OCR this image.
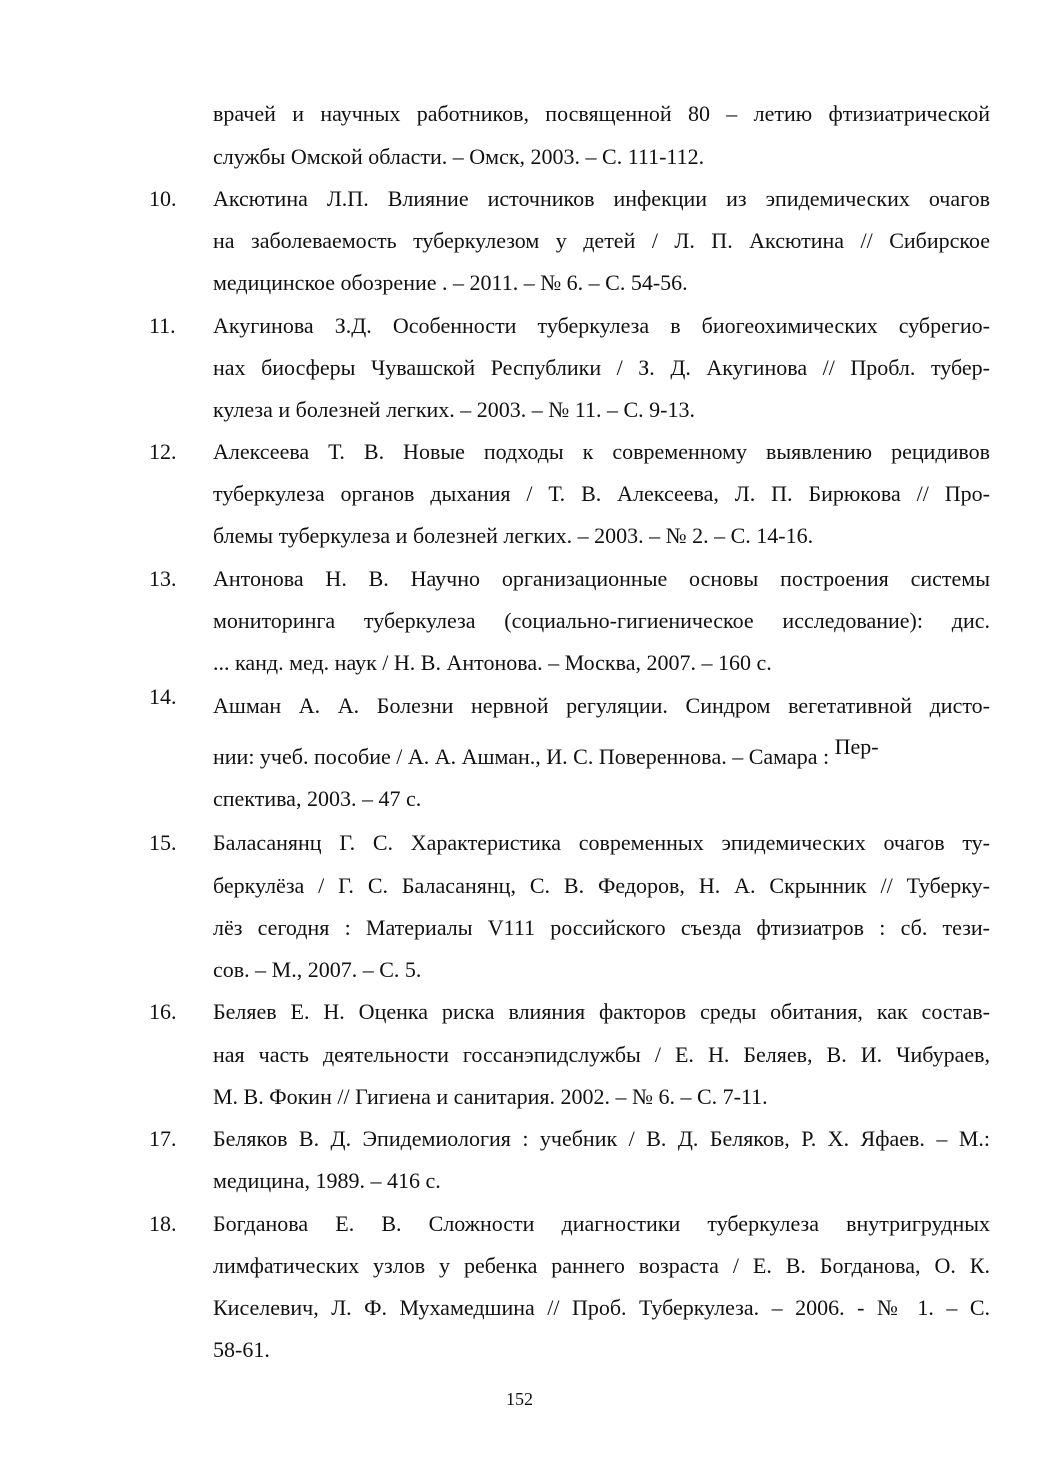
врачей и научных работников, посвященной 80 – летию фтизиатрической
службы Омской области. – Омск, 2003. – С. 111-112.
10. Аксютина Л.П. Влияние источников инфекции из эпидемических очагов
на заболеваемость туберкулезом у детей / Л. П. Аксютина // Сибирское
медицинское обозрение . – 2011. – № 6. – С. 54-56.
11. Акугинова З.Д. Особенности туберкулеза в биогеохимических субрегио-
нах биосферы Чувашской Республики / З. Д. Акугинова // Пробл. тубер-
кулеза и болезней легких. – 2003. – № 11. – С. 9-13.
12. Алексеева Т. В. Новые подходы к современному выявлению рецидивов
туберкулеза органов дыхания / Т. В. Алексеева, Л. П. Бирюкова // Про-
блемы туберкулеза и болезней легких. – 2003. – № 2. – С. 14-16.
13. Антонова Н. В. Научно организационные основы построения системы
мониторинга туберкулеза (социально-гигиеническое исследование): дис.
... канд. мед. наук / Н. В. Антонова. – Москва, 2007. – 160 с.
14. Ашман А. А. Болезни нервной регуляции. Синдром вегетативной дисто-
нии: учеб. пособие / А. А. Ашман., И. С. Поверенновa. – Самара : Пер-
спектива, 2003. – 47 с.
15. Баласанянц Г. С. Характеристика современных эпидемических очагов ту-
беркулёза / Г. С. Баласанянц, С. В. Федоров, Н. А. Скрынник // Туберку-
лёз сегодня : Материалы V111 российского съезда фтизиатров : сб. тези-
сов. – М., 2007. – С. 5.
16. Беляев Е. Н. Оценка риска влияния факторов среды обитания, как состав-
ная часть деятельности госсанэпидслужбы / Е. Н. Беляев, В. И. Чибураев,
М. В. Фокин // Гигиена и санитария. 2002. – № 6. – С. 7-11.
17. Беляков В. Д. Эпидемиология : учебник / В. Д. Беляков, Р. Х. Яфаев. – М.:
медицина, 1989. – 416 с.
18. Богданова Е. В. Сложности диагностики туберкулеза внутригрудных
лимфатических узлов у ребенка раннего возраста / Е. В. Богданова, О. К.
Киселевич, Л. Ф. Мухамедшина // Проб. Туберкулеза. – 2006. - № 1. – С.
58-61.
152
